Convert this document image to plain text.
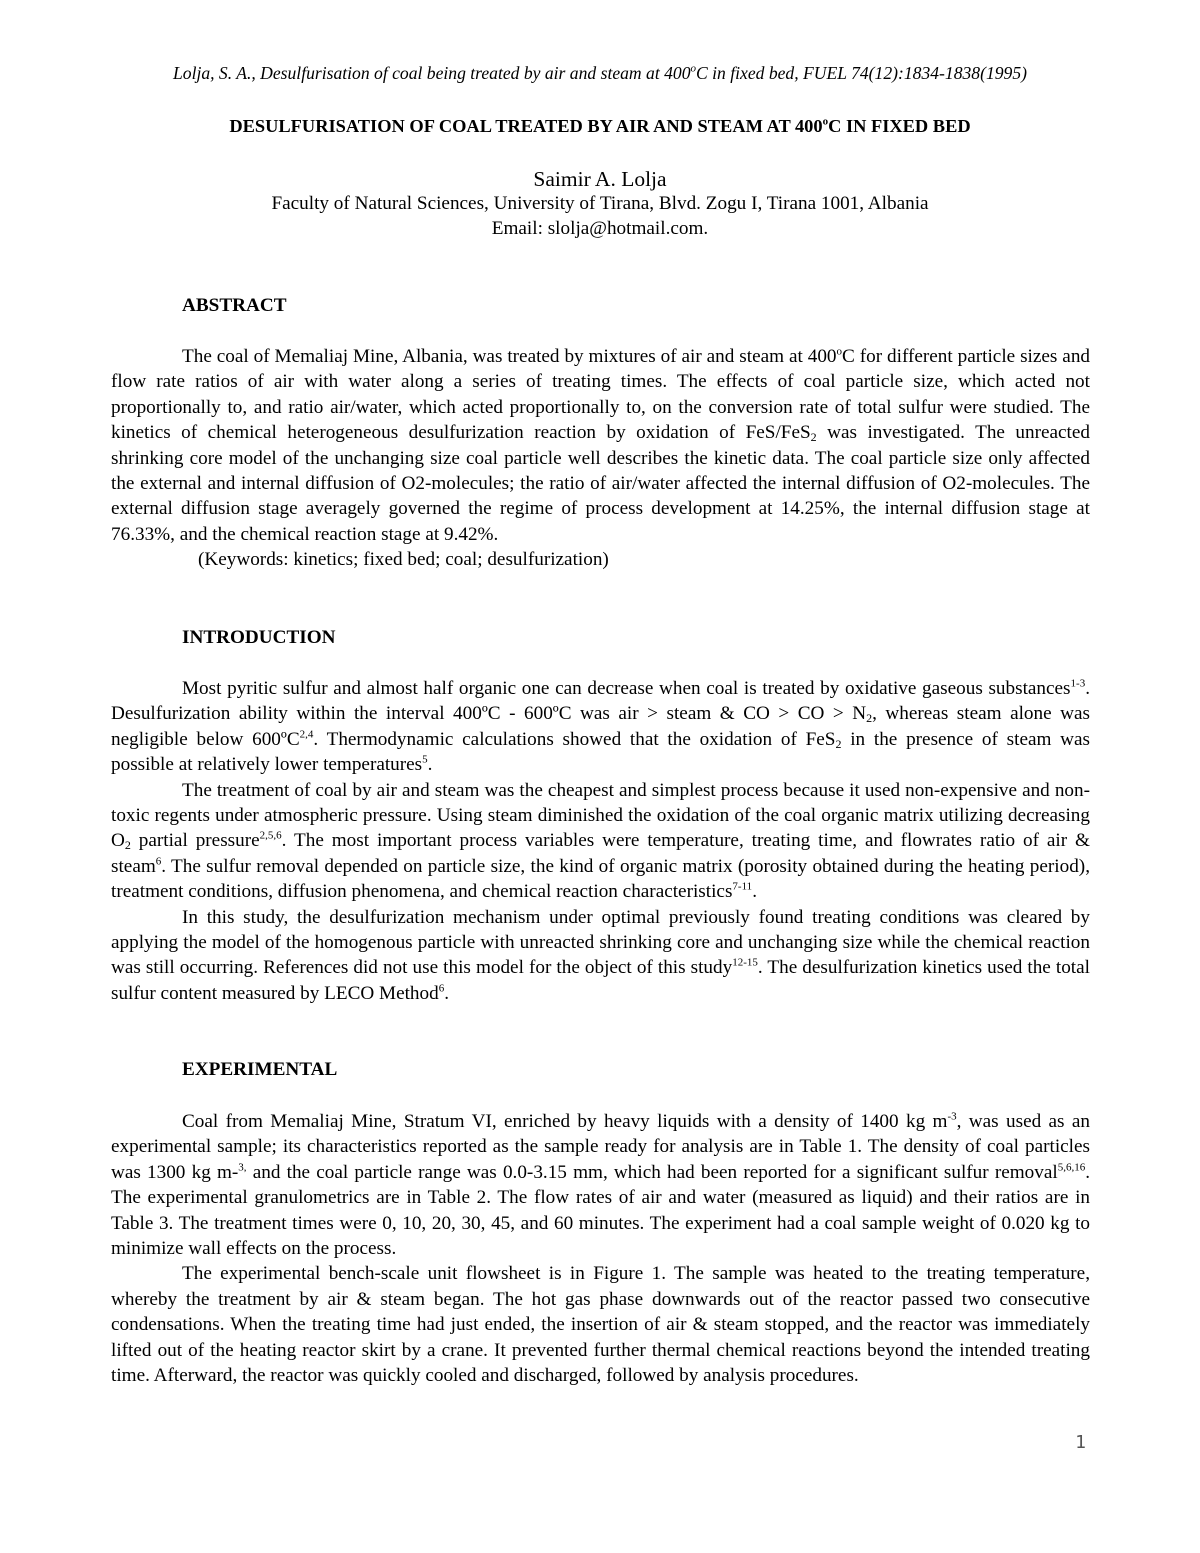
Lolja, S. A., Desulfurisation of coal being treated by air and steam at 400$^o$C in fixed bed, FUEL 74(12):1834-1838(1995)
DESULFURISATION OF COAL TREATED BY AIR AND STEAM AT 400$^o$C IN FIXED BED
Saimir A. Lolja
Faculty of Natural Sciences, University of Tirana, Blvd. Zogu I, Tirana 1001, Albania
Email: slolja@hotmail.com.
ABSTRACT

The coal of Memaliaj Mine, Albania, was treated by mixtures of air and steam at 400$^o$C for different particle sizes and flow rate ratios of air with water along a series of treating times. The effects of coal particle size, which acted not proportionally to, and ratio air/water, which acted proportionally to, on the conversion rate of total sulfur were studied. The kinetics of chemical heterogeneous desulfurization reaction by oxidation of FeS/FeS$_2$ was investigated. The unreacted shrinking core model of the unchanging size coal particle well describes the kinetic data. The coal particle size only affected the external and internal diffusion of O2-molecules; the ratio of air/water affected the internal diffusion of O2-molecules. The external diffusion stage averagely governed the regime of process development at 14.25%, the internal diffusion stage at 76.33%, and the chemical reaction stage at 9.42%.

(Keywords: kinetics; fixed bed; coal; desulfurization)
INTRODUCTION

Most pyritic sulfur and almost half organic one can decrease when coal is treated by oxidative gaseous substances$^{1-3}$. Desulfurization ability within the interval 400ºC - 600ºC was air > steam & CO > CO > $N_2$, whereas steam alone was negligible below 600ºC$^{2,4}$. Thermodynamic calculations showed that the oxidation of FeS$_2$ in the presence of steam was possible at relatively lower temperatures$^5$.

The treatment of coal by air and steam was the cheapest and simplest process because it used non-expensive and non-toxic regents under atmospheric pressure. Using steam diminished the oxidation of the coal organic matrix utilizing decreasing $O_2$ partial pressure$^{2,5,6}$. The most important process variables were temperature, treating time, and flowrates ratio of air & steam$^6$. The sulfur removal depended on particle size, the kind of organic matrix (porosity obtained during the heating period), treatment conditions, diffusion phenomena, and chemical reaction characteristics$^{7-11}$.

In this study, the desulfurization mechanism under optimal previously found treating conditions was cleared by applying the model of the homogenous particle with unreacted shrinking core and unchanging size while the chemical reaction was still occurring. References did not use this model for the object of this study$^{12-15}$. The desulfurization kinetics used the total sulfur content measured by LECO Method$^6$.

EXPERIMENTAL

Coal from Memaliaj Mine, Stratum VI, enriched by heavy liquids with a density of 1400 kg $m^{-3}$, was used as an experimental sample; its characteristics reported as the sample ready for analysis are in Table 1. The density of coal particles was 1300 kg m-$^{3,}$ and the coal particle range was 0.0-3.15 mm, which had been reported for a significant sulfur removal$^{5,6,16}$. The experimental granulometrics are in Table 2. The flow rates of air and water (measured as liquid) and their ratios are in Table 3. The treatment times were 0, 10, 20, 30, 45, and 60 minutes. The experiment had a coal sample weight of 0.020 kg to minimize wall effects on the process.

The experimental bench-scale unit flowsheet is in Figure 1. The sample was heated to the treating temperature, whereby the treatment by air & steam began. The hot gas phase downwards out of the reactor passed two consecutive condensations. When the treating time had just ended, the insertion of air & steam stopped, and the reactor was immediately lifted out of the heating reactor skirt by a crane. It prevented further thermal chemical reactions beyond the intended treating time. Afterward, the reactor was quickly cooled and discharged, followed by analysis procedures.

1
